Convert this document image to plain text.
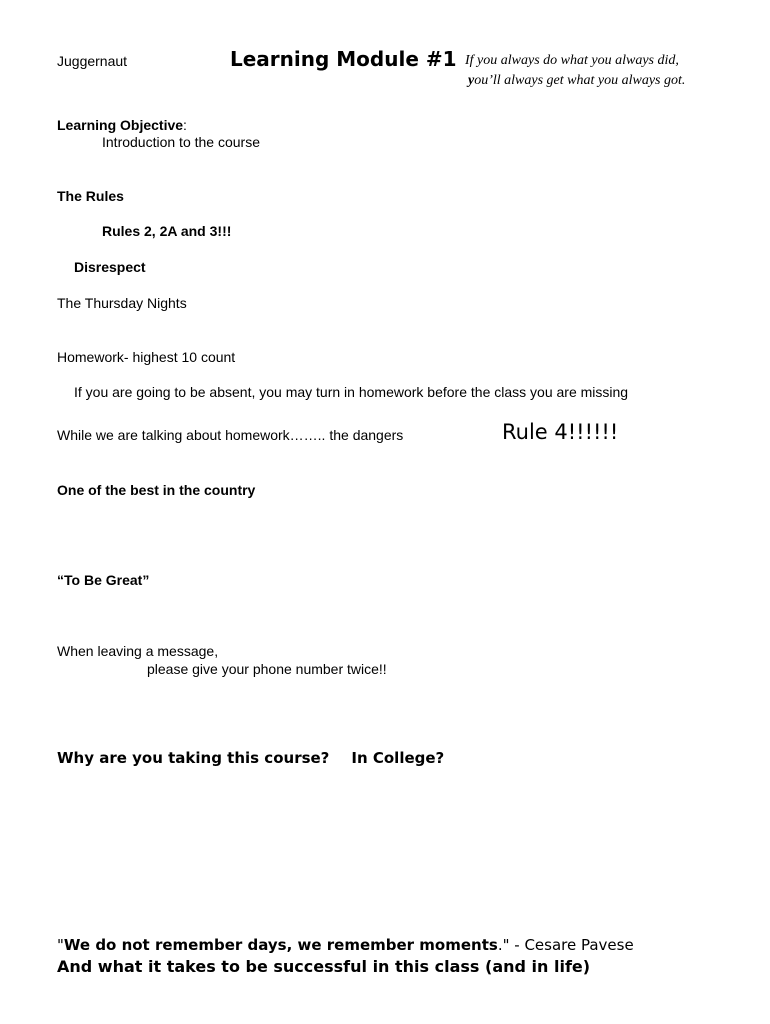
Juggernaut	Learning Module #1 If you always do what you always did,
you’ll always get what you always got.
Learning Objective:
Introduction to the course
The Rules
Rules 2, 2A and 3!!!
Disrespect
The Thursday Nights
Homework- highest 10 count
If you are going to be absent, you may turn in homework before the class you are missing
While we are talking about homework…….. the dangers	Rule 4!!!!!!
One of the best in the country
“To Be Great”
When leaving a message,
please give your phone number twice!!
Why are you taking this course? In College?
"We do not remember days, we remember moments." - Cesare Pavese
And what it takes to be successful in this class (and in life)
